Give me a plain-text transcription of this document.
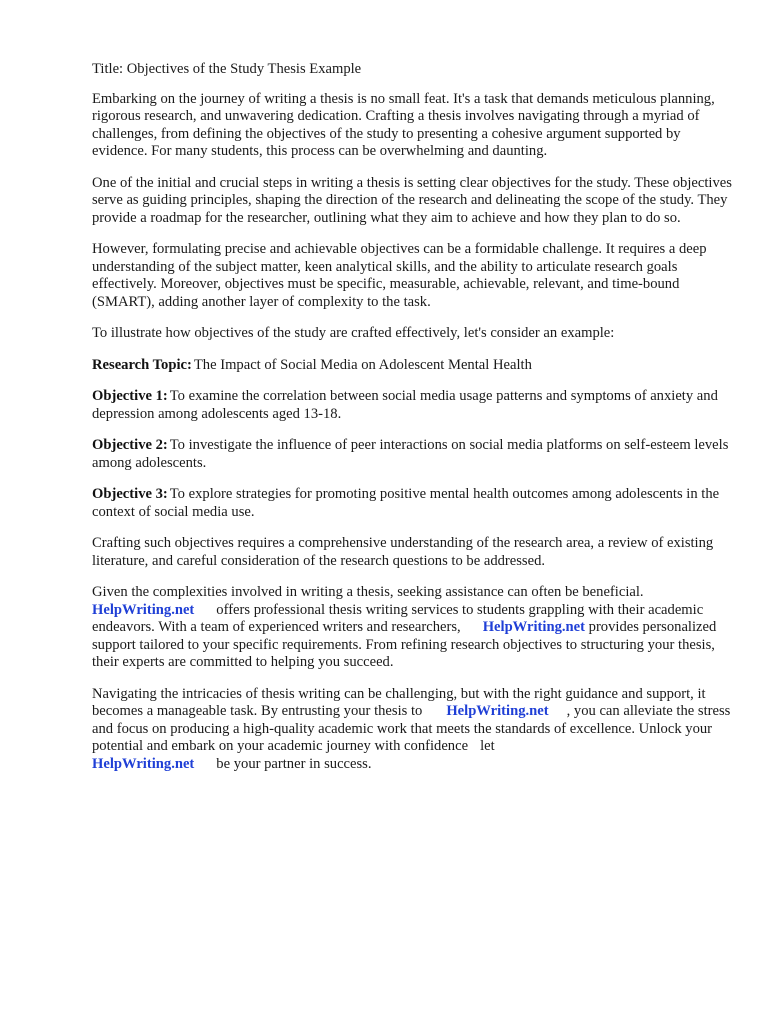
Title: Objectives of the Study Thesis Example

Embarking on the journey of writing a thesis is no small feat. It's a task that demands meticulous planning, rigorous research, and unwavering dedication. Crafting a thesis involves navigating through a myriad of challenges, from defining the objectives of the study to presenting a cohesive argument supported by evidence. For many students, this process can be overwhelming and daunting.

One of the initial and crucial steps in writing a thesis is setting clear objectives for the study. These objectives serve as guiding principles, shaping the direction of the research and delineating the scope of the study. They provide a roadmap for the researcher, outlining what they aim to achieve and how they plan to do so.

However, formulating precise and achievable objectives can be a formidable challenge. It requires a deep understanding of the subject matter, keen analytical skills, and the ability to articulate research goals effectively. Moreover, objectives must be specific, measurable, achievable, relevant, and time-bound (SMART), adding another layer of complexity to the task.

To illustrate how objectives of the study are crafted effectively, let's consider an example:

Research Topic: The Impact of Social Media on Adolescent Mental Health

Objective 1: To examine the correlation between social media usage patterns and symptoms of anxiety and depression among adolescents aged 13-18.

Objective 2: To investigate the influence of peer interactions on social media platforms on self-esteem levels among adolescents.

Objective 3: To explore strategies for promoting positive mental health outcomes among adolescents in the context of social media use.

Crafting such objectives requires a comprehensive understanding of the research area, a review of existing literature, and careful consideration of the research questions to be addressed.

Given the complexities involved in writing a thesis, seeking assistance can often be beneficial.
HelpWriting.net offers professional thesis writing services to students grappling with their academic endeavors. With a team of experienced writers and researchers, HelpWriting.net provides personalized support tailored to your specific requirements. From refining research objectives to structuring your thesis, their experts are committed to helping you succeed.

Navigating the intricacies of thesis writing can be challenging, but with the right guidance and support, it becomes a manageable task. By entrusting your thesis to HelpWriting.net , you can alleviate the stress and focus on producing a high-quality academic work that meets the standards of excellence. Unlock your potential and embark on your academic journey with confidence let
HelpWriting.net be your partner in success.
